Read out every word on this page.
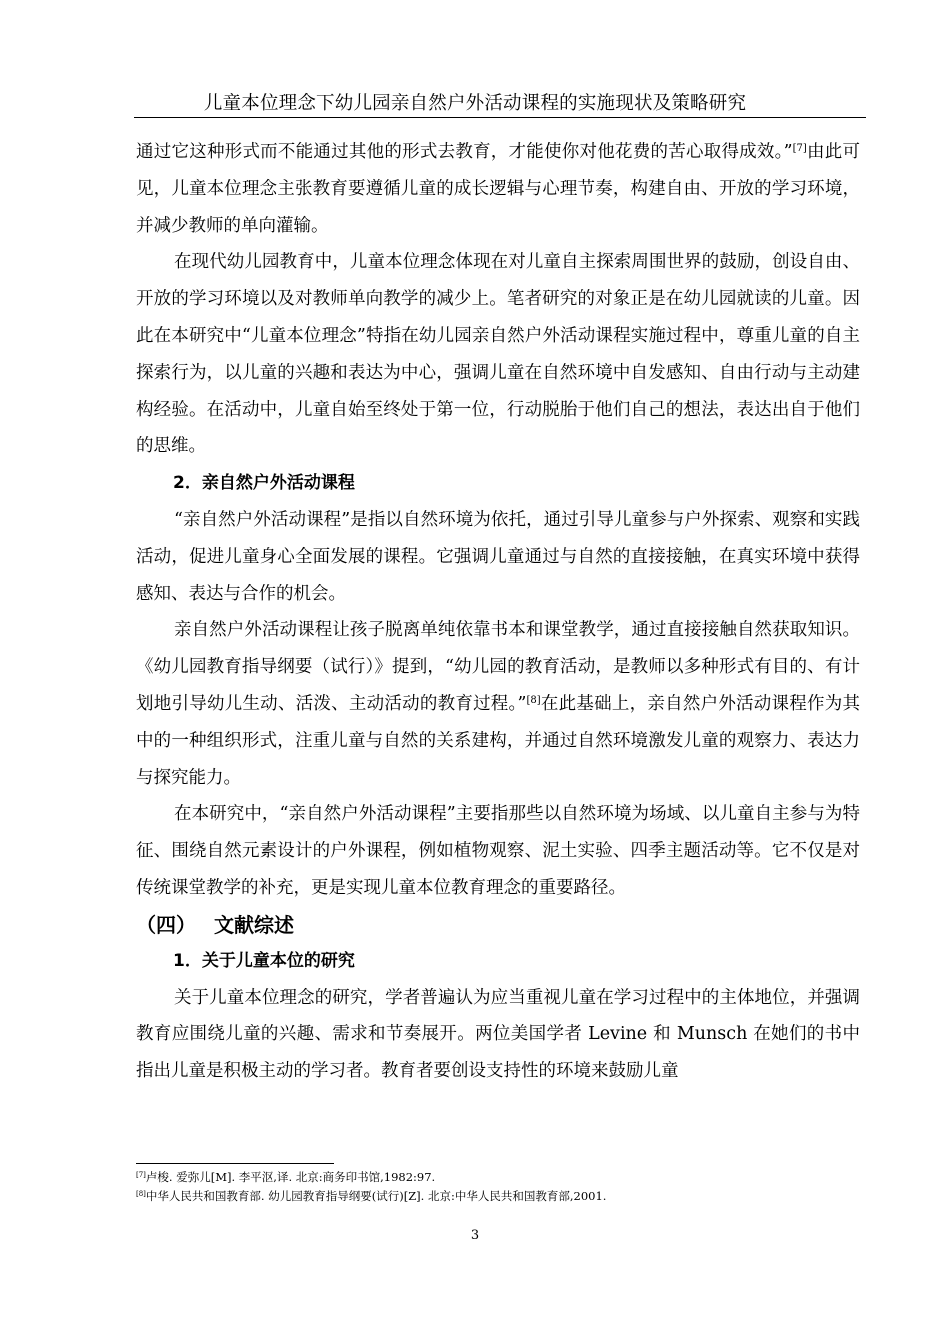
儿童本位理念下幼儿园亲自然户外活动课程的实施现状及策略研究

通过它这种形式而不能通过其他的形式去教育，才能使你对他花费的苦心取得成效。”[7]由此可见，儿童本位理念主张教育要遵循儿童的成长逻辑与心理节奏，构建自由、开放的学习环境，并减少教师的单向灌输。

在现代幼儿园教育中，儿童本位理念体现在对儿童自主探索周围世界的鼓励，创设自由、开放的学习环境以及对教师单向教学的减少上。笔者研究的对象正是在幼儿园就读的儿童。因此在本研究中“儿童本位理念”特指在幼儿园亲自然户外活动课程实施过程中，尊重儿童的自主探索行为，以儿童的兴趣和表达为中心，强调儿童在自然环境中自发感知、自由行动与主动建构经验。在活动中，儿童自始至终处于第一位，行动脱胎于他们自己的想法，表达出自于他们的思维。

2．亲自然户外活动课程

“亲自然户外活动课程”是指以自然环境为依托，通过引导儿童参与户外探索、观察和实践活动，促进儿童身心全面发展的课程。它强调儿童通过与自然的直接接触，在真实环境中获得感知、表达与合作的机会。

亲自然户外活动课程让孩子脱离单纯依靠书本和课堂教学，通过直接接触自然获取知识。《幼儿园教育指导纲要（试行）》提到，“幼儿园的教育活动，是教师以多种形式有目的、有计划地引导幼儿生动、活泼、主动活动的教育过程。”[8]在此基础上，亲自然户外活动课程作为其中的一种组织形式，注重儿童与自然的关系建构，并通过自然环境激发儿童的观察力、表达力与探究能力。

在本研究中，“亲自然户外活动课程”主要指那些以自然环境为场域、以儿童自主参与为特征、围绕自然元素设计的户外课程，例如植物观察、泥土实验、四季主题活动等。它不仅是对传统课堂教学的补充，更是实现儿童本位教育理念的重要路径。

（四） 文献综述

1．关于儿童本位的研究

关于儿童本位理念的研究，学者普遍认为应当重视儿童在学习过程中的主体地位，并强调教育应围绕儿童的兴趣、需求和节奏展开。两位美国学者 Levine 和 Munsch 在她们的书中指出儿童是积极主动的学习者。教育者要创设支持性的环境来鼓励儿童

[7]卢梭. 爱弥儿[M]. 李平沤,译. 北京:商务印书馆,1982:97.

[8]中华人民共和国教育部. 幼儿园教育指导纲要(试行)[Z]. 北京:中华人民共和国教育部,2001.

3
